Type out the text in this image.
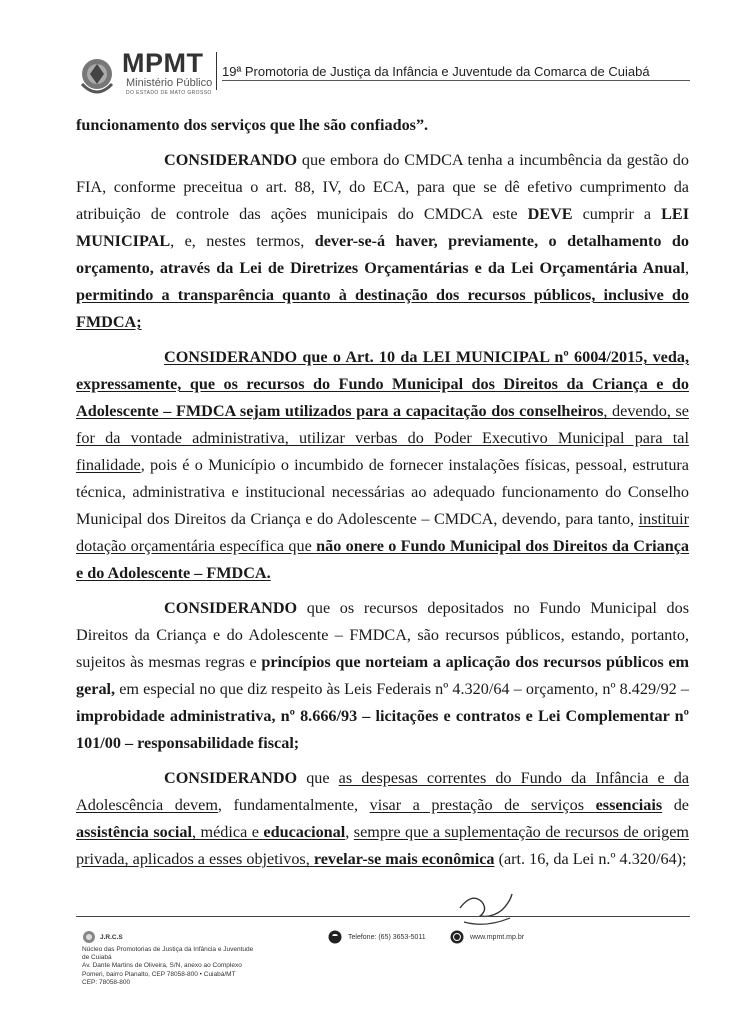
MPMT
Ministério Público
DO ESTADO DE MATO GROSSO
19ª Promotoria de Justiça da Infância e Juventude da Comarca de Cuiabá

funcionamento dos serviços que lhe são confiados”.

CONSIDERANDO que embora do CMDCA tenha a incumbência da gestão do FIA, conforme preceitua o art. 88, IV, do ECA, para que se dê efetivo cumprimento da atribuição de controle das ações municipais do CMDCA este DEVE cumprir a LEI MUNICIPAL, e, nestes termos, dever-se-á haver, previamente, o detalhamento do orçamento, através da Lei de Diretrizes Orçamentárias e da Lei Orçamentária Anual, permitindo a transparência quanto à destinação dos recursos públicos, inclusive do FMDCA;

CONSIDERANDO que o Art. 10 da LEI MUNICIPAL nº 6004/2015, veda, expressamente, que os recursos do Fundo Municipal dos Direitos da Criança e do Adolescente – FMDCA sejam utilizados para a capacitação dos conselheiros, devendo, se for da vontade administrativa, utilizar verbas do Poder Executivo Municipal para tal finalidade, pois é o Município o incumbido de fornecer instalações físicas, pessoal, estrutura técnica, administrativa e institucional necessárias ao adequado funcionamento do Conselho Municipal dos Direitos da Criança e do Adolescente – CMDCA, devendo, para tanto, instituir dotação orçamentária específica que não onere o Fundo Municipal dos Direitos da Criança e do Adolescente – FMDCA.

CONSIDERANDO que os recursos depositados no Fundo Municipal dos Direitos da Criança e do Adolescente – FMDCA, são recursos públicos, estando, portanto, sujeitos às mesmas regras e princípios que norteiam a aplicação dos recursos públicos em geral, em especial no que diz respeito às Leis Federais nº 4.320/64 – orçamento, nº 8.429/92 – improbidade administrativa, nº 8.666/93 – licitações e contratos e Lei Complementar nº 101/00 – responsabilidade fiscal;

CONSIDERANDO que as despesas correntes do Fundo da Infância e da Adolescência devem, fundamentalmente, visar a prestação de serviços essenciais de assistência social, médica e educacional, sempre que a suplementação de recursos de origem privada, aplicados a esses objetivos, revelar-se mais econômica (art. 16, da Lei n.º 4.320/64);

J.R.C.S
Núcleo das Promotorias de Justiça da Infância e Juventude
de Cuiabá
Av. Dante Martins de Oliveira, S/N, anexo ao Complexo
Pomeri, bairro Planalto, CEP 78058-800 • Cuiabá/MT
CEP: 78058-800
Telefone: (65) 3653-5011	www.mpmt.mp.br
